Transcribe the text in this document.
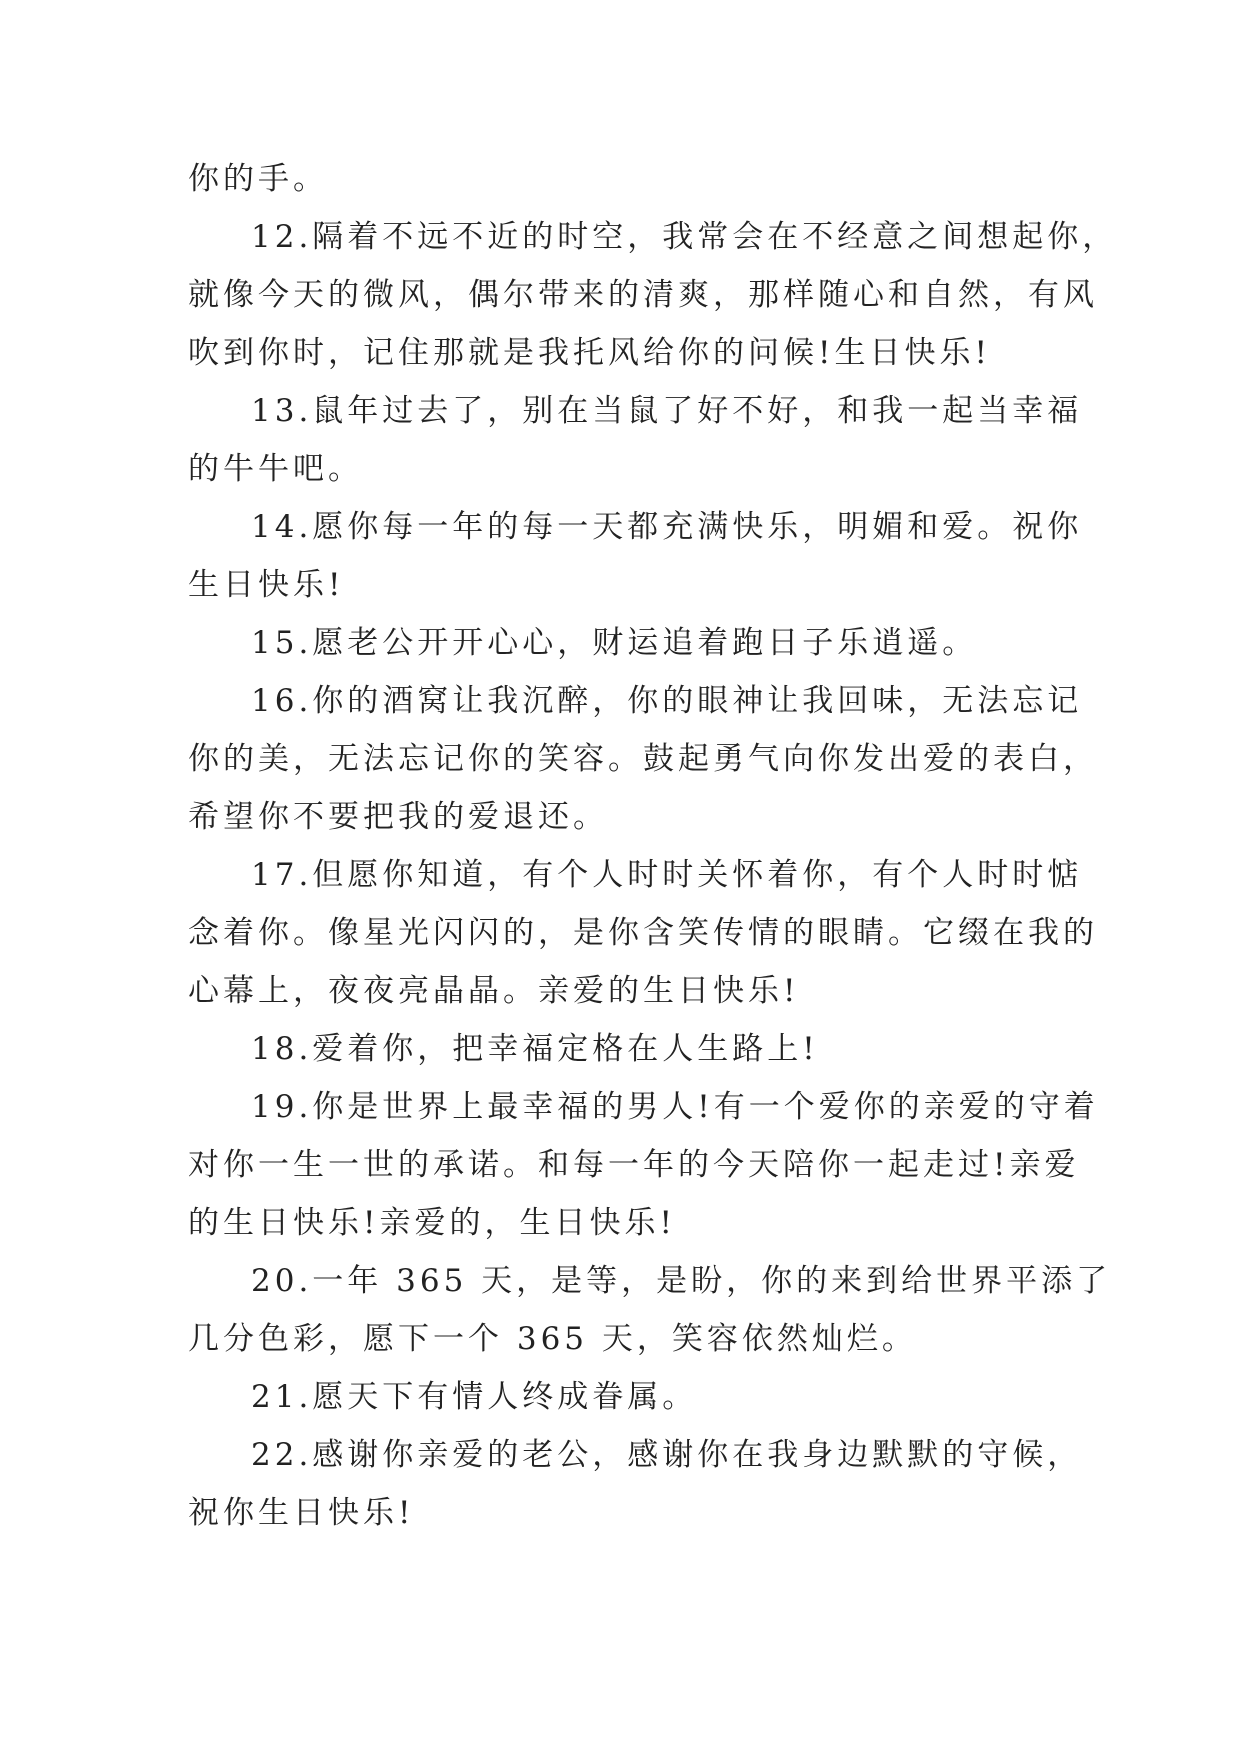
你的手。
12.隔着不远不近的时空，我常会在不经意之间想起你，
就像今天的微风，偶尔带来的清爽，那样随心和自然，有风
吹到你时，记住那就是我托风给你的问候!生日快乐!
13.鼠年过去了，别在当鼠了好不好，和我一起当幸福
的牛牛吧。
14.愿你每一年的每一天都充满快乐，明媚和爱。祝你
生日快乐!
15.愿老公开开心心，财运追着跑日子乐逍遥。
16.你的酒窝让我沉醉，你的眼神让我回味，无法忘记
你的美，无法忘记你的笑容。鼓起勇气向你发出爱的表白，
希望你不要把我的爱退还。
17.但愿你知道，有个人时时关怀着你，有个人时时惦
念着你。像星光闪闪的，是你含笑传情的眼睛。它缀在我的
心幕上，夜夜亮晶晶。亲爱的生日快乐!
18.爱着你，把幸福定格在人生路上!
19.你是世界上最幸福的男人!有一个爱你的亲爱的守着
对你一生一世的承诺。和每一年的今天陪你一起走过!亲爱
的生日快乐!亲爱的，生日快乐!
20.一年 365 天，是等，是盼，你的来到给世界平添了
几分色彩，愿下一个 365 天，笑容依然灿烂。
21.愿天下有情人终成眷属。
22.感谢你亲爱的老公，感谢你在我身边默默的守候，
祝你生日快乐!
